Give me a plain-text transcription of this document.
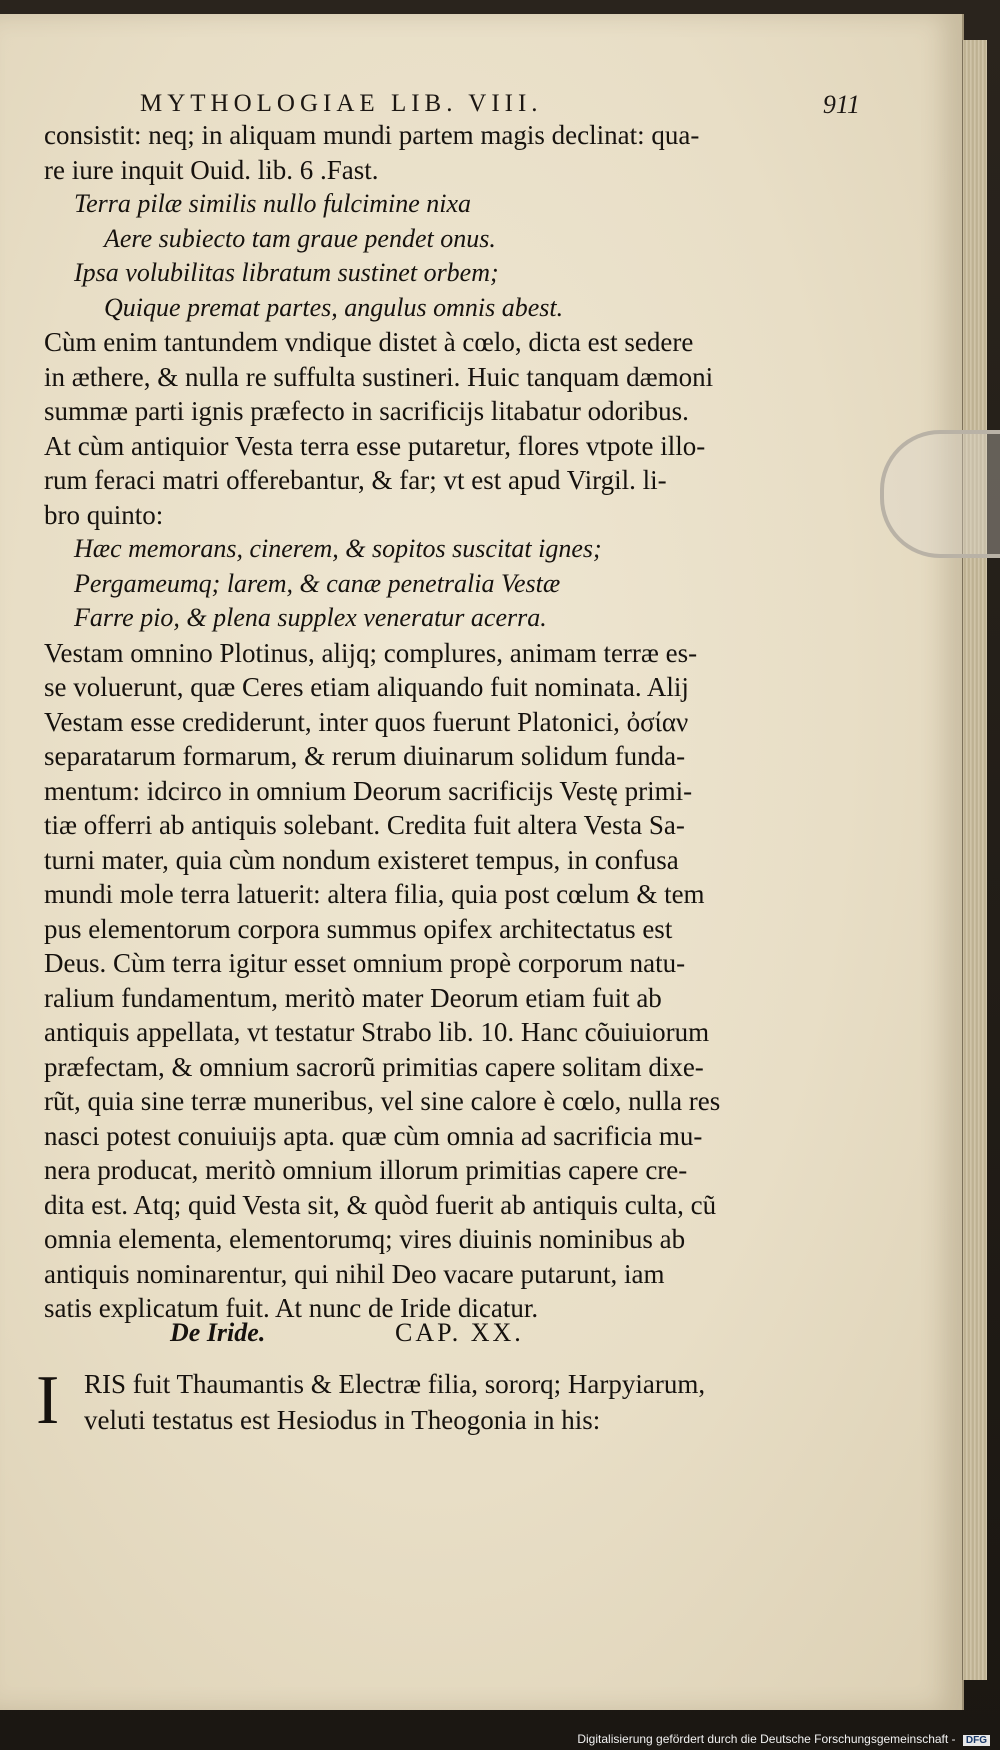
MYTHOLOGIAE LIB. VIII.	911
consistit: neq; in aliquam mundi partem magis declinat: qua-
re iure inquit Ouid. lib. 6 .Fast.
Terra pilæ similis nullo fulcimine nixa
Aere subiecto tam graue pendet onus.
Ipsa volubilitas libratum sustinet orbem;
Quique premat partes, angulus omnis abest.
Cùm enim tantundem vndique distet à cœlo, dicta est sedere
in æthere, & nulla re suffulta sustineri. Huic tanquam dæmoni
summæ parti ignis præfecto in sacrificijs litabatur odoribus.
At cùm antiquior Vesta terra esse putaretur, flores vtpote illo-
rum feraci matri offerebantur, & far; vt est apud Virgil. li-
bro quinto:
Hæc memorans, cinerem, & sopitos suscitat ignes;
Pergameumq; larem, & canæ penetralia Vestæ
Farre pio, & plena supplex veneratur acerra.
Vestam omnino Plotinus, alijq; complures, animam terræ es-
se voluerunt, quæ Ceres etiam aliquando fuit nominata. Alij
Vestam esse crediderunt, inter quos fuerunt Platonici, ὀσίαν
separatarum formarum, & rerum diuinarum solidum funda-
mentum: idcirco in omnium Deorum sacrificijs Vestę primi-
tiæ offerri ab antiquis solebant. Credita fuit altera Vesta Sa-
turni mater, quia cùm nondum existeret tempus, in confusa
mundi mole terra latuerit: altera filia, quia post cœlum & tem
pus elementorum corpora summus opifex architectatus est
Deus. Cùm terra igitur esset omnium propè corporum natu-
ralium fundamentum, meritò mater Deorum etiam fuit ab
antiquis appellata, vt testatur Strabo lib. 10. Hanc cõuiuiorum
præfectam, & omnium sacrorũ primitias capere solitam dixe-
rũt, quia sine terræ muneribus, vel sine calore è cœlo, nulla res
nasci potest conuiuijs apta. quæ cùm omnia ad sacrificia mu-
nera producat, meritò omnium illorum primitias capere cre-
dita est. Atq; quid Vesta sit, & quòd fuerit ab antiquis culta, cũ
omnia elementa, elementorumq; vires diuinis nominibus ab
antiquis nominarentur, qui nihil Deo vacare putarunt, iam
satis explicatum fuit. At nunc de Iride dicatur.
De Iride.	CAP. XX.
I RIS fuit Thaumantis & Electræ filia, sororq; Harpyiarum,
veluti testatus est Hesiodus in Theogonia in his:
Digitalisierung gefördert durch die Deutsche Forschungsgemeinschaft - DFG
